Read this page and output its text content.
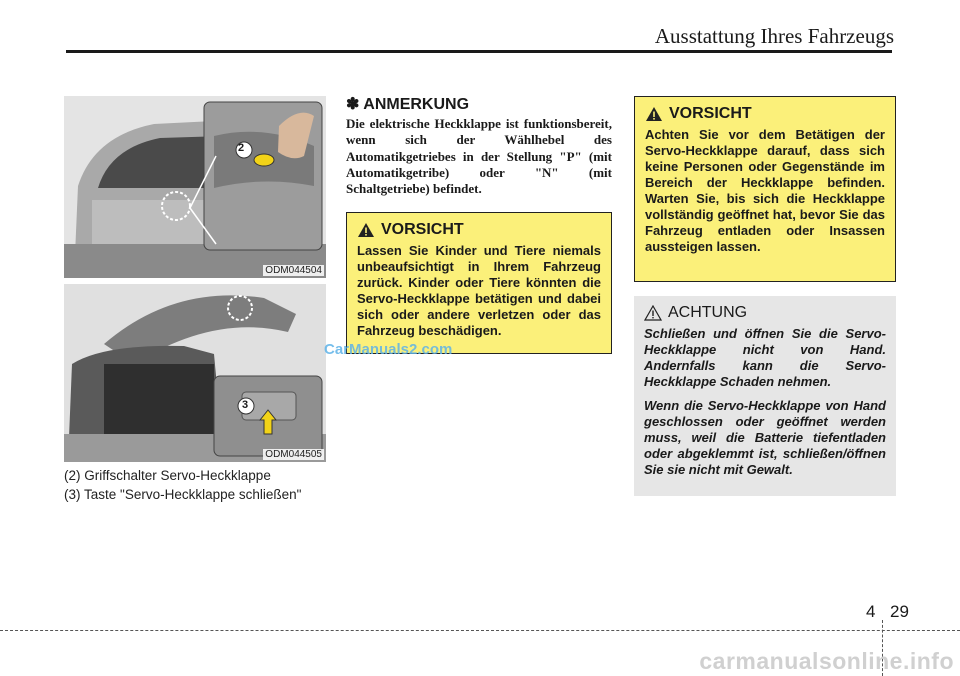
Ausstattung Ihres Fahrzeugs
2
ODM044504
3
ODM044505
(2) Griffschalter Servo-Heckklappe
(3) Taste "Servo-Heckklappe schließen"
✽ ANMERKUNG
Die elektrische Heckklappe ist funktionsbereit, wenn sich der Wählhebel des Automatikgetriebes in der Stellung "P" (mit Automatikgetribe) oder "N" (mit Schaltgetriebe) befindet.
VORSICHT
Lassen Sie Kinder und Tiere niemals unbeaufsichtigt in Ihrem Fahrzeug zurück. Kinder oder Tiere könnten die Servo-Heckklappe betätigen und dabei sich oder andere verletzen oder das Fahrzeug beschädigen.
VORSICHT
Achten Sie vor dem Betätigen der Servo-Heckklappe darauf, dass sich keine Personen oder Gegenstände im Bereich der Heckklappe befinden. Warten Sie, bis sich die Heckklappe vollständig geöffnet hat, bevor Sie das Fahrzeug entladen oder Insassen aussteigen lassen.
ACHTUNG

Schließen und öffnen Sie die Servo-Heckklappe nicht von Hand. Andernfalls kann die Servo-Heckklappe Schaden nehmen.

Wenn die Servo-Heckklappe von Hand geschlossen oder geöffnet werden muss, weil die Batterie tiefentladen oder abgeklemmt ist, schließen/öffnen Sie sie nicht mit Gewalt.

CarManuals2.com
4 29
carmanualsonline.info
